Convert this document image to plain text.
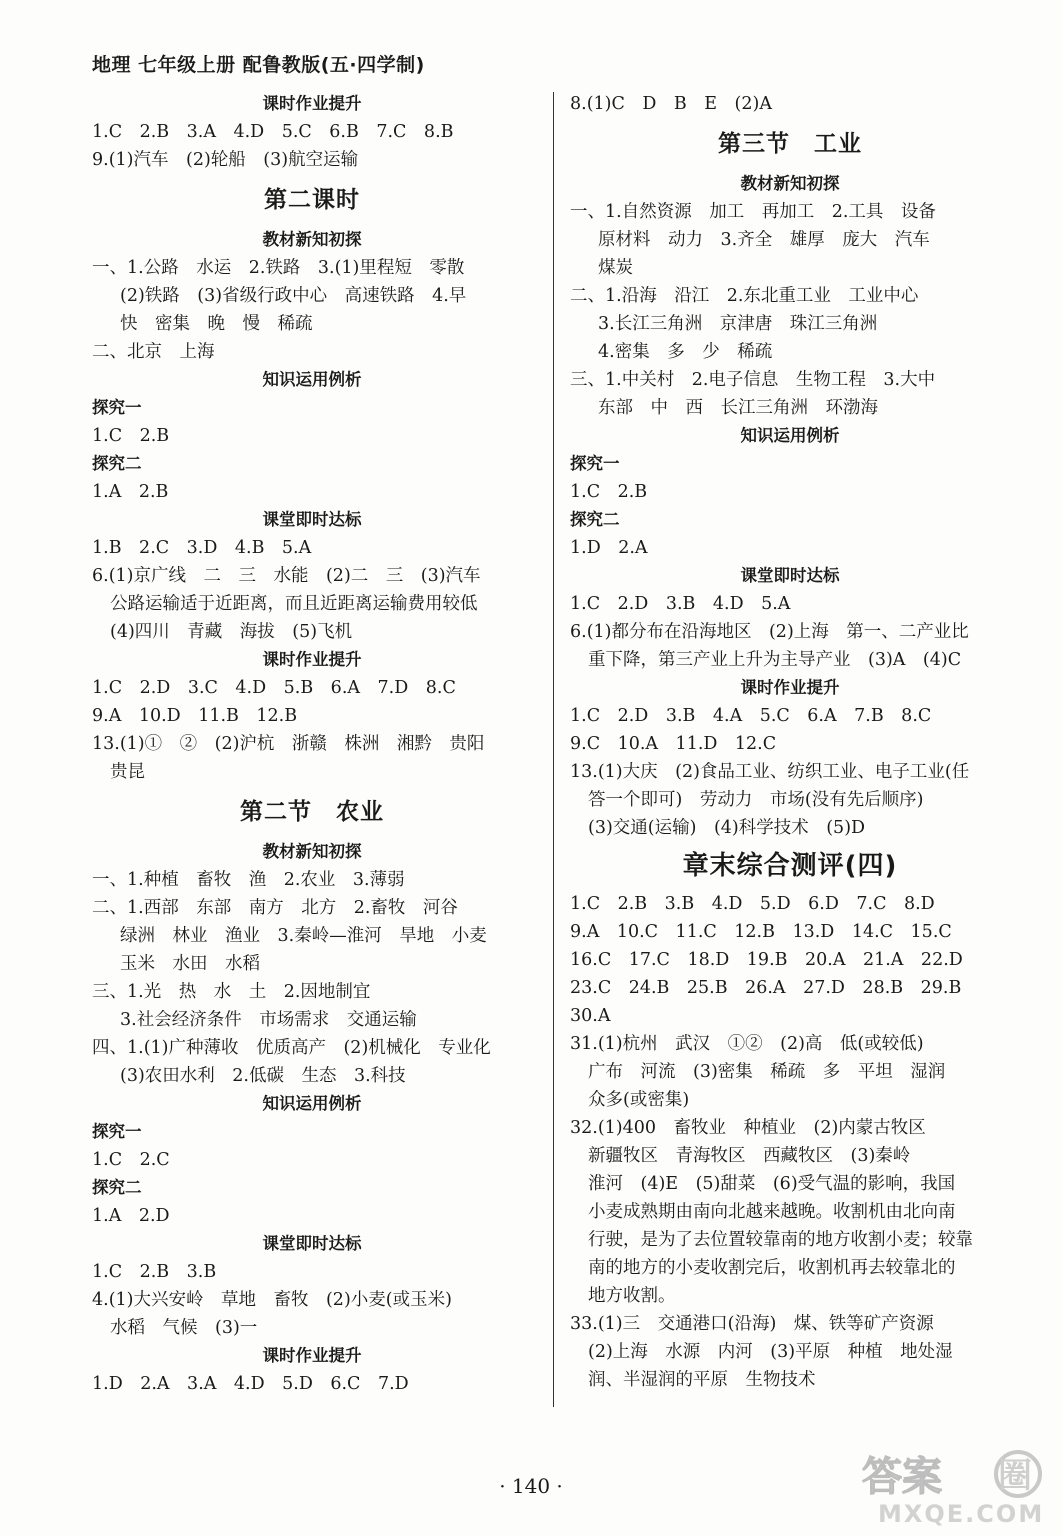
地理 七年级上册 配鲁教版(五·四学制)
课时作业提升
1.C　2.B　3.A　4.D　5.C　6.B　7.C　8.B
9.(1)汽车　(2)轮船　(3)航空运输
第二课时
教材新知初探
一、1.公路　水运　2.铁路　3.(1)里程短　零散
(2)铁路　(3)省级行政中心　高速铁路　4.早
快　密集　晚　慢　稀疏
二、北京　上海
知识运用例析
探究一
1.C　2.B
探究二
1.A　2.B
课堂即时达标
1.B　2.C　3.D　4.B　5.A
6.(1)京广线　二　三　水能　(2)二　三　(3)汽车
公路运输适于近距离，而且近距离运输费用较低
(4)四川　青藏　海拔　(5)飞机
课时作业提升
1.C　2.D　3.C　4.D　5.B　6.A　7.D　8.C
9.A　10.D　11.B　12.B
13.(1)①　②　(2)沪杭　浙赣　株洲　湘黔　贵阳
贵昆
第二节　农业
教材新知初探
一、1.种植　畜牧　渔　2.农业　3.薄弱
二、1.西部　东部　南方　北方　2.畜牧　河谷
绿洲　林业　渔业　3.秦岭—淮河　旱地　小麦
玉米　水田　水稻
三、1.光　热　水　土　2.因地制宜
3.社会经济条件　市场需求　交通运输
四、1.(1)广种薄收　优质高产　(2)机械化　专业化
(3)农田水利　2.低碳　生态　3.科技
知识运用例析
探究一
1.C　2.C
探究二
1.A　2.D
课堂即时达标
1.C　2.B　3.B
4.(1)大兴安岭　草地　畜牧　(2)小麦(或玉米)
水稻　气候　(3)一
课时作业提升
1.D　2.A　3.A　4.D　5.D　6.C　7.D
8.(1)C　D　B　E　(2)A
第三节　工业
教材新知初探
一、1.自然资源　加工　再加工　2.工具　设备
原材料　动力　3.齐全　雄厚　庞大　汽车
煤炭
二、1.沿海　沿江　2.东北重工业　工业中心
3.长江三角洲　京津唐　珠江三角洲
4.密集　多　少　稀疏
三、1.中关村　2.电子信息　生物工程　3.大中
东部　中　西　长江三角洲　环渤海
知识运用例析
探究一
1.C　2.B
探究二
1.D　2.A
课堂即时达标
1.C　2.D　3.B　4.D　5.A
6.(1)都分布在沿海地区　(2)上海　第一、二产业比
重下降，第三产业上升为主导产业　(3)A　(4)C
课时作业提升
1.C　2.D　3.B　4.A　5.C　6.A　7.B　8.C
9.C　10.A　11.D　12.C
13.(1)大庆　(2)食品工业、纺织工业、电子工业(任
答一个即可)　劳动力　市场(没有先后顺序)
(3)交通(运输)　(4)科学技术　(5)D
章末综合测评(四)
1.C　2.B　3.B　4.D　5.D　6.D　7.C　8.D
9.A　10.C　11.C　12.B　13.D　14.C　15.C
16.C　17.C　18.D　19.B　20.A　21.A　22.D
23.C　24.B　25.B　26.A　27.D　28.B　29.B
30.A
31.(1)杭州　武汉　①②　(2)高　低(或较低)
广布　河流　(3)密集　稀疏　多　平坦　湿润
众多(或密集)
32.(1)400　畜牧业　种植业　(2)内蒙古牧区
新疆牧区　青海牧区　西藏牧区　(3)秦岭
淮河　(4)E　(5)甜菜　(6)受气温的影响，我国
小麦成熟期由南向北越来越晚。收割机由北向南
行驶，是为了去位置较靠南的地方收割小麦；较靠
南的地方的小麦收割完后，收割机再去较靠北的
地方收割。
33.(1)三　交通港口(沿海)　煤、铁等矿产资源
(2)上海　水源　内河　(3)平原　种植　地处湿
润、半湿润的平原　生物技术
· 140 ·	答案 圈
MXQE.COM
